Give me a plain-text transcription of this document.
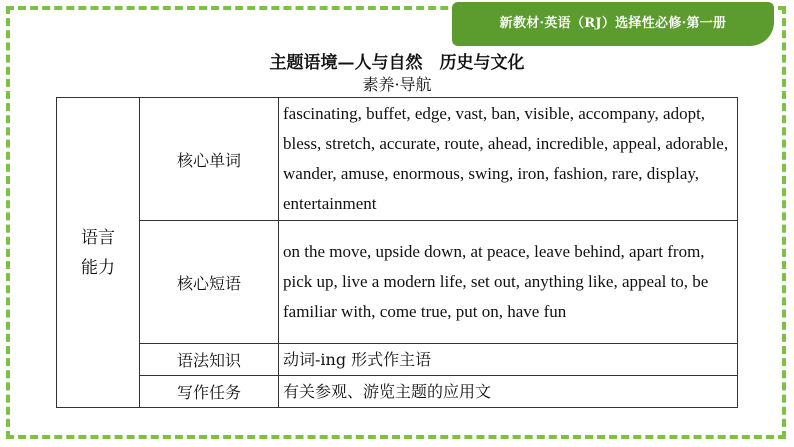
新教材·英语（RJ）选择性必修·第一册
主题语境—人与自然　历史与文化
素养·导航
语言
能力	核心单词	fascinating, buffet, edge, vast, ban, visible, accompany, adopt, bless, stretch, accurate, route, ahead, incredible, appeal, adorable, wander, amuse, enormous, swing, iron, fashion, rare, display, entertainment
	核心短语	on the move, upside down, at peace, leave behind, apart from, pick up, live a modern life, set out, anything like, appeal to, be familiar with, come true, put on, have fun
	语法知识	动词-ing 形式作主语
	写作任务	有关参观、游览主题的应用文
